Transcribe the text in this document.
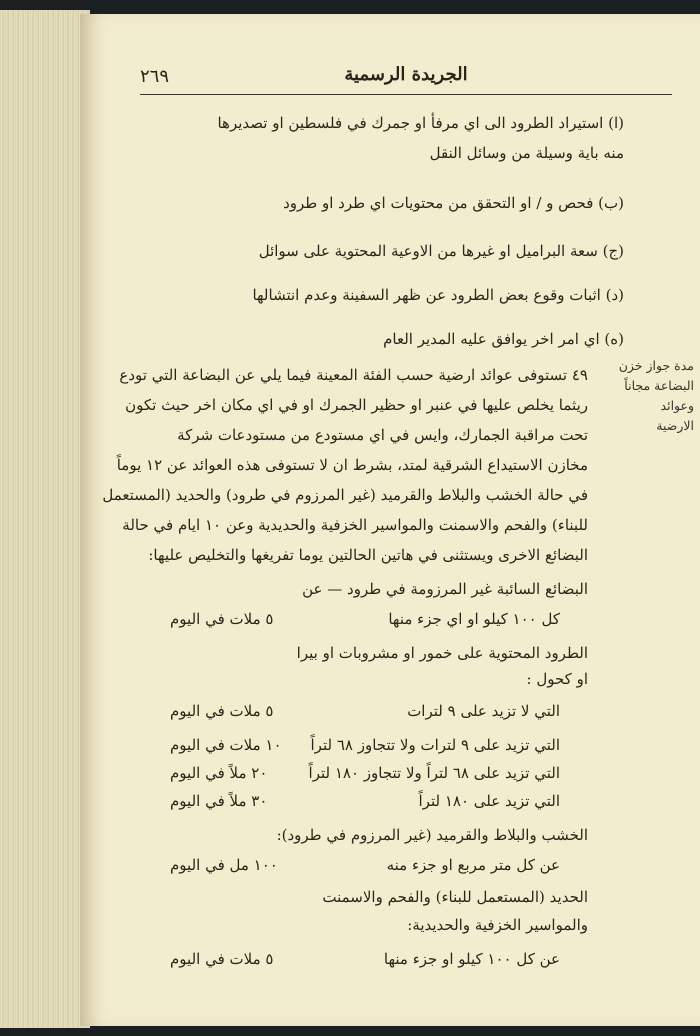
٢٦٩	الجريدة الرسمية
(ا) استيراد الطرود الى اي مرفأ او جمرك في فلسطين او تصديرها
منه باية وسيلة من وسائل النقل
(ب) فحص و / او التحقق من محتويات اي طرد او طرود
(ج) سعة البراميل او غيرها من الاوعية المحتوية على سوائل
(د) اثبات وقوع بعض الطرود عن ظهر السفينة وعدم انتشالها
(ه) اي امر اخر يوافق عليه المدير العام
مدة جواز خزن
البضاعة مجاناً وعوائد
الارضية
٤٩ تستوفى عوائد ارضية حسب الفئة المعينة فيما يلي عن البضاعة التي تودع
ريثما يخلص عليها في عنبر او حظير الجمرك او في اي مكان اخر حيث تكون
تحت مراقبة الجمارك، وايس في اي مستودع من مستودعات شركة
مخازن الاستيداع الشرقية لمتد، بشرط ان لا تستوفى هذه العوائد عن ١٢ يوماً
في حالة الخشب والبلاط والقرميد (غير المرزوم في طرود) والحديد (المستعمل
للبناء) والفحم والاسمنت والمواسير الخزفية والحديدية وعن ١٠ ايام في حالة
البضائع الاخرى ويستثنى في هاتين الحالتين يوما تفريغها والتخليص عليها:
البضائع السائبة غير المرزومة في طرود — عن
كل ١٠٠ كيلو او اي جزء منها
٥ ملات في اليوم
الطرود المحتوية على خمور او مشروبات او بيرا
او كحول :
التي لا تزيد على ٩ لترات
٥ ملات في اليوم
التي تزيد على ٩ لترات ولا تتجاوز ٦٨ لتراً
١٠ ملات في اليوم
التي تزيد على ٦٨ لتراً ولا تتجاوز ١٨٠ لتراً
٢٠ ملاً في اليوم
التي تزيد على ١٨٠ لتراً
٣٠ ملاً في اليوم
الخشب والبلاط والقرميد (غير المرزوم في طرود):
عن كل متر مربع او جزء منه
١٠٠ مل في اليوم
الحديد (المستعمل للبناء) والفحم والاسمنت
والمواسير الخزفية والحديدية:
عن كل ١٠٠ كيلو او جزء منها
٥ ملات في اليوم
